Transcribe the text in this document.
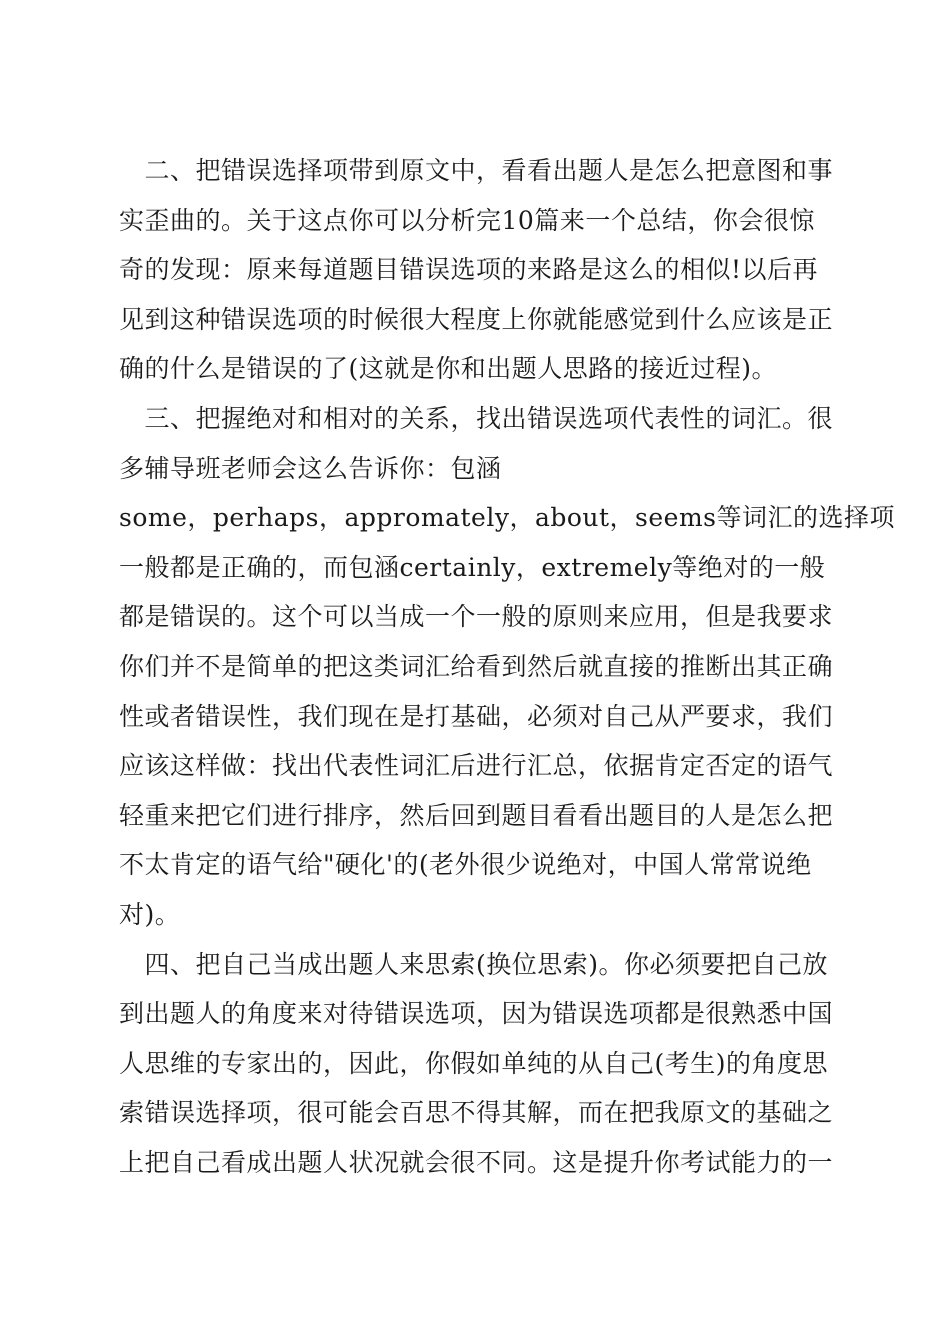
　二、把错误选择项带到原文中，看看出题人是怎么把意图和事
实歪曲的。关于这点你可以分析完10篇来一个总结，你会很惊
奇的发现：原来每道题目错误选项的来路是这么的相似!以后再
见到这种错误选项的时候很大程度上你就能感觉到什么应该是正
确的什么是错误的了(这就是你和出题人思路的接近过程)。
　三、把握绝对和相对的关系，找出错误选项代表性的词汇。很
多辅导班老师会这么告诉你：包涵
some，perhaps，appromately，about，seems等词汇的选择项
一般都是正确的，而包涵certainly，extremely等绝对的一般
都是错误的。这个可以当成一个一般的原则来应用，但是我要求
你们并不是简单的把这类词汇给看到然后就直接的推断出其正确
性或者错误性，我们现在是打基础，必须对自己从严要求，我们
应该这样做：找出代表性词汇后进行汇总，依据肯定否定的语气
轻重来把它们进行排序，然后回到题目看看出题目的人是怎么把
不太肯定的语气给"硬化'的(老外很少说绝对，中国人常常说绝
对)。
　四、把自己当成出题人来思索(换位思索)。你必须要把自己放
到出题人的角度来对待错误选项，因为错误选项都是很熟悉中国
人思维的专家出的，因此，你假如单纯的从自己(考生)的角度思
索错误选择项，很可能会百思不得其解，而在把我原文的基础之
上把自己看成出题人状况就会很不同。这是提升你考试能力的一
